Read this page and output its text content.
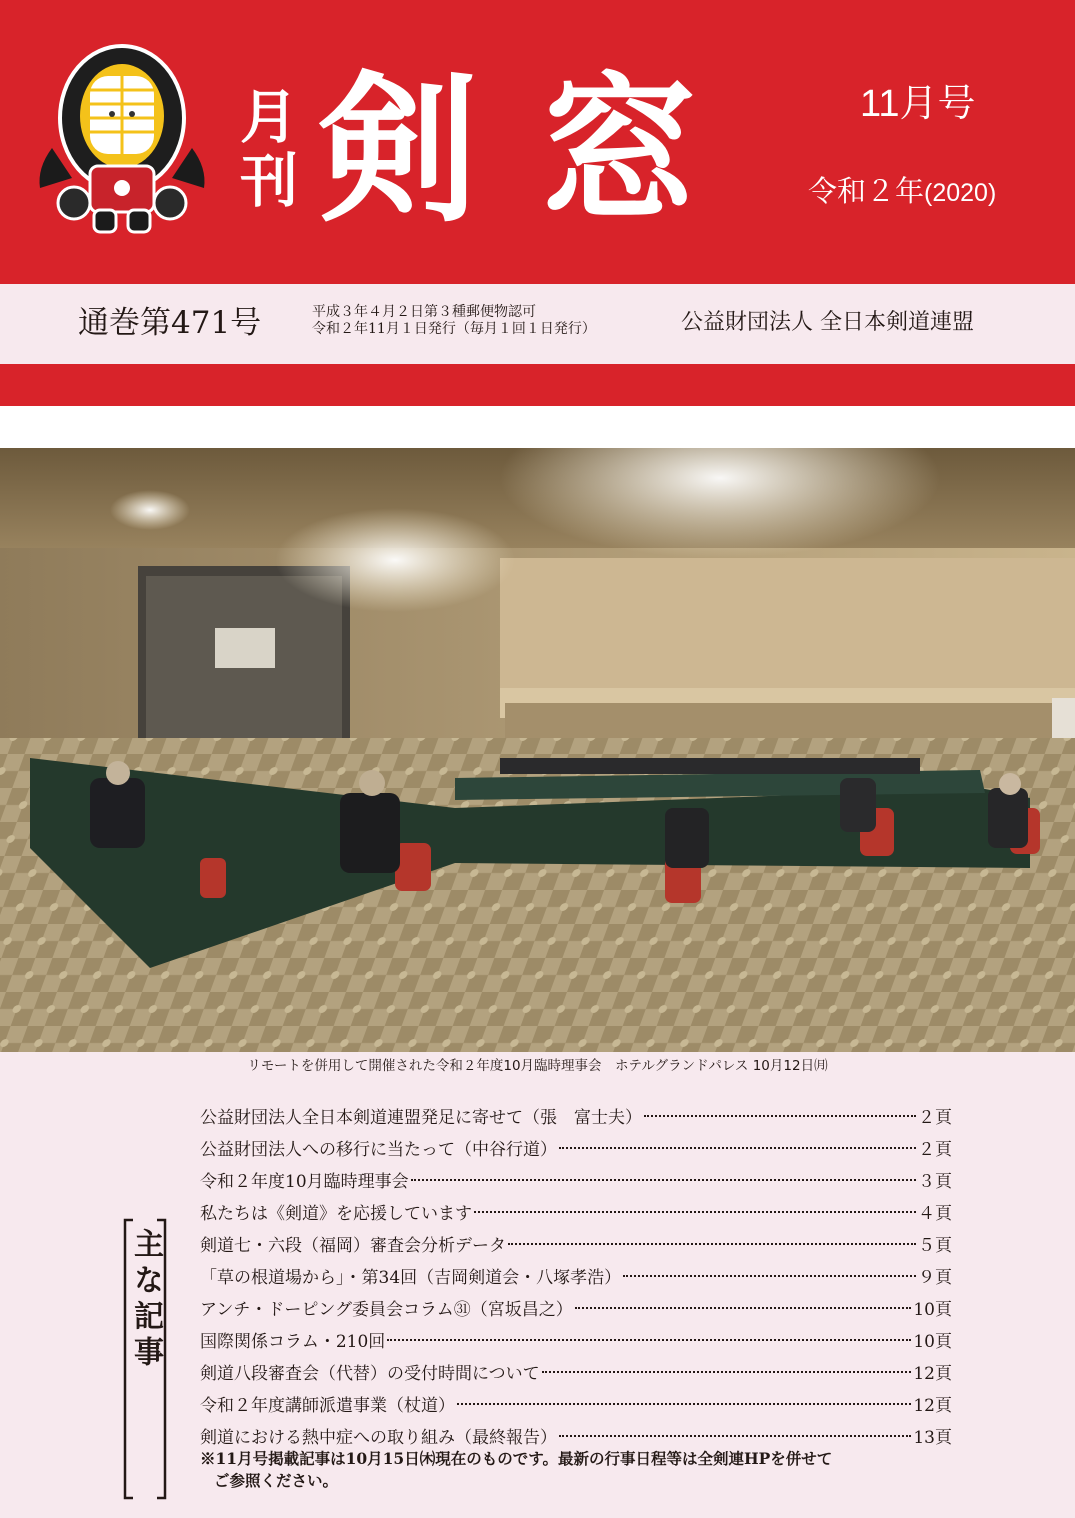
月
刊 剣窓	11月号
令和２年(2020)
通巻第471号	平成３年４月２日第３種郵便物認可
令和２年11月１日発行（毎月１回１日発行）	公益財団法人 全日本剣道連盟
リモートを併用して開催された令和２年度10月臨時理事会　ホテルグランドパレス 10月12日㈪
主な記事
公益財団法人全日本剣道連盟発足に寄せて（張　富士夫）	２頁
公益財団法人への移行に当たって（中谷行道）	２頁
令和２年度10月臨時理事会	３頁
私たちは《剣道》を応援しています	４頁
剣道七・六段（福岡）審査会分析データ	５頁
「草の根道場から」・第34回（吉岡剣道会・八塚孝浩）	９頁
アンチ・ドーピング委員会コラム㉛（宮坂昌之）	10頁
国際関係コラム・210回	10頁
剣道八段審査会（代替）の受付時間について	12頁
令和２年度講師派遣事業（杖道）	12頁
剣道における熱中症への取り組み（最終報告）	13頁
※11月号掲載記事は10月15日㈭現在のものです。最新の行事日程等は全剣連HPを併せて
ご参照ください。
